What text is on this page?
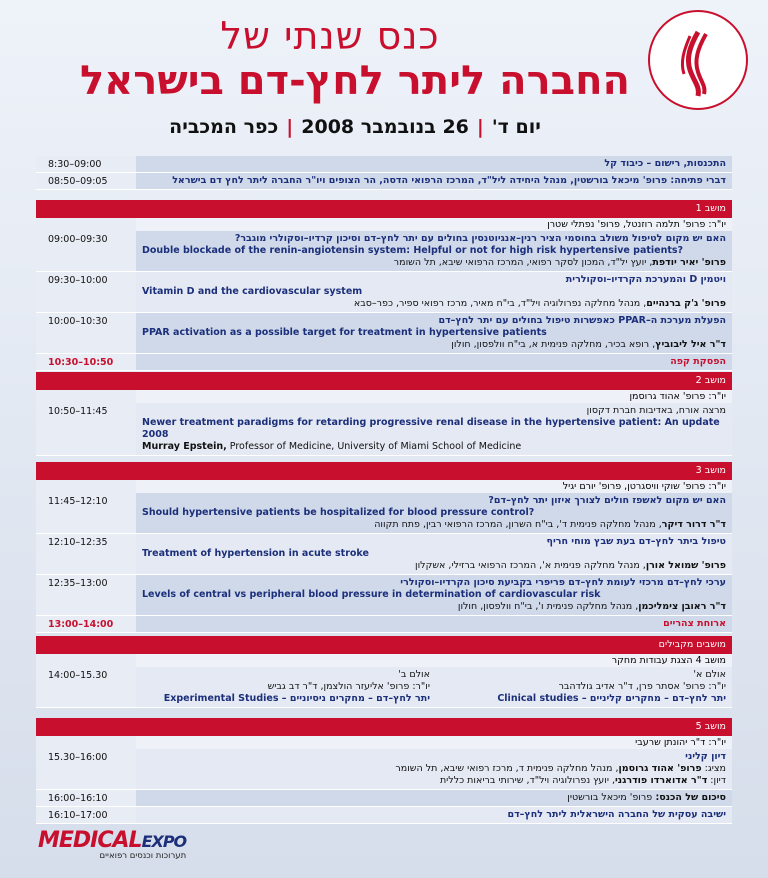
כנס שנתי של
החברה ליתר לחץ-דם בישראל
יום ד'|26 בנובמבר 2008|כפר המכביה
8:30–09:00	התכנסות, רישום – כיבוד קל
08:50–09:05	דברי פתיחה: פרופ' מיכאל בורשטין, מנהל היחידה ליל"ד, המרכז הרפואי הדסה, הר הצופים ויו"ר החברה ליתר לחץ דם בישראל
מושב 1
יו"ר: פרופ' תלמה רוזנטל, פרופ' נפתלי שטרן
09:00–09:30	האם יש מקום לטיפול משולב בחוסמי הציר רנין–אנגיוטנסין בחולים עם יתר לחץ–דם וסיכון קרדיו–וסקולרי מוגבר?

Double blockade of the renin-angiotensin system: Helpful or not for high risk hypertensive patients?
פרופ' יאיר יודפת, יועץ יל"ד, המכון לסקר רפואי, המרכז הרפואי שיבא, תל השומר
09:30–10:00	ויטמין D והמערכת הקרדיו–וסקולרית

Vitamin D and the cardiovascular system
פרופ' ג'ק ברנהיים, מנהל מחלקה נפרולוגיה ויל"ד, בי"ח מאיר, מרכז רפואי ספיר, כפר–סבא
10:00–10:30	הפעלת מערכת ה–PPAR כאפשרות טיפול בחולים עם יתר לחץ–דם

PPAR activation as a possible target for treatment in hypertensive patients
ד"ר איל ליבוביץ, רופא בכיר, מחלקה פנימית א, בי"ח וולפסון, חולון
10:30–10:50	הפסקת קפה
מושב 2
יו"ר: פרופ' אהוד גרוסמן
10:50–11:45	מרצה אורח, באדיבות חברת דקסון

Newer treatment paradigms for retarding progressive renal disease in the hypertensive patient: An update 2008
Murray Epstein, Professor of Medicine, University of Miami School of Medicine
מושב 3
יו"ר: פרופ' שוקי וויסגרטן, פרופ' יורם יגיל
11:45–12:10	האם יש מקום לאשפז חולים לצורך איזון יתר לחץ–דם?

Should hypertensive patients be hospitalized for blood pressure control?
ד"ר דרור דיקר, מנהל מחלקה פנימית ד', בי"ח השרון, המרכז הרפואי רבין, פתח תקווה
12:10–12:35	טיפול ביתר לחץ–דם בעת שבץ מוחי חריף

Treatment of hypertension in acute stroke
פרופ' שמואל אורן, מנהל מחלקה פנימית א', המרכז הרפואי ברזילי, אשקלון
12:35–13:00	ערכי לחץ–דם מרכזי לעומת לחץ–דם פריפרי בקביעת סיכון הקרדיו–וסקולרי

Levels of central vs peripheral blood pressure in determination of cardiovascular risk
ד"ר ראובן צימליכמן, מנהל מחלקה פנימית ו', בי"ח וולפסון, חולון
13:00–14:00	ארוחת צהריים
מושבים מקבילים
מושב 4 הצגת עבודות מחקר
14:00–15.30	אולם א'
יו"ר: פרופ' אסתר פרן, ד"ר אדיב גולדהבר
יתר לחץ–דם – מחקרים קליניים – Clinical studies
אולם ב'
יו"ר: פרופ' אליעזר הולצמן, ד"ר דב גביש
יתר לחץ–דם – מחקרים ניסיוניים – Experimental Studies
מושב 5
יו"ר: ד"ר יהונתן שרעבי
15.30–16:00	דיון קליני
מציג: פרופ' אהוד גרוסמן, מנהל מחלקה פנימית ד, מרכז רפואי שיבא, תל השומר
דיון: ד"ר אדוארדו פודרגני, יועץ נפרולוגיה ויל"ד, שירותי בריאות כללית
16:00–16:10	סיכום של הכנס: פרופ' מיכאל בורשטין
16:10–17:00	ישיבה עסקית של החברה הישראלית ליתר לחץ–דם
MEDICALEXPO
תערוכות וכנסים רפואיים
